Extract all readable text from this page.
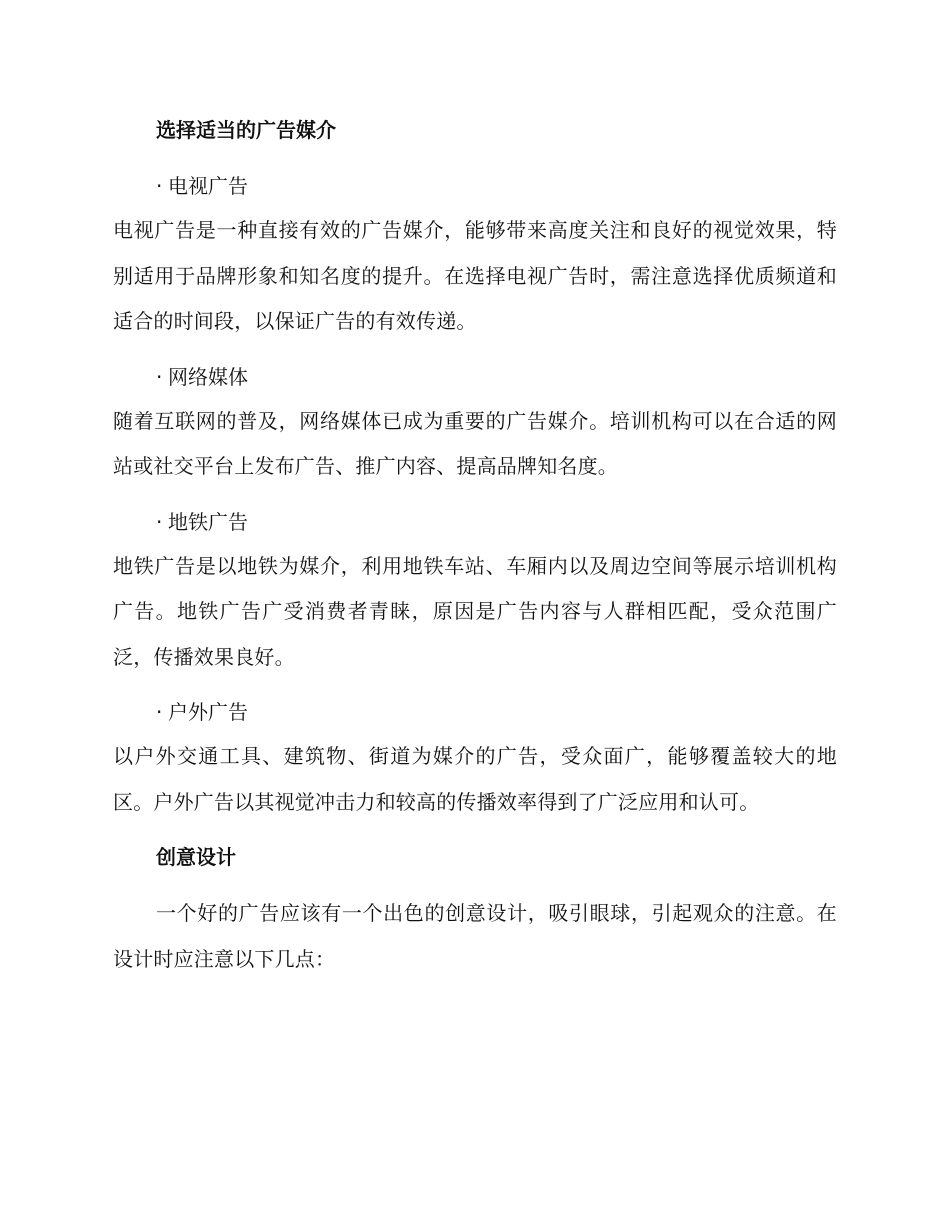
选择适当的广告媒介
· 电视广告

电视广告是一种直接有效的广告媒介，能够带来高度关注和良好的视觉效果，特别适用于品牌形象和知名度的提升。在选择电视广告时，需注意选择优质频道和适合的时间段，以保证广告的有效传递。

· 网络媒体

随着互联网的普及，网络媒体已成为重要的广告媒介。培训机构可以在合适的网站或社交平台上发布广告、推广内容、提高品牌知名度。

· 地铁广告

地铁广告是以地铁为媒介，利用地铁车站、车厢内以及周边空间等展示培训机构广告。地铁广告广受消费者青睐，原因是广告内容与人群相匹配，受众范围广泛，传播效果良好。

· 户外广告

以户外交通工具、建筑物、街道为媒介的广告，受众面广，能够覆盖较大的地区。户外广告以其视觉冲击力和较高的传播效率得到了广泛应用和认可。

创意设计

一个好的广告应该有一个出色的创意设计，吸引眼球，引起观众的注意。在设计时应注意以下几点：
